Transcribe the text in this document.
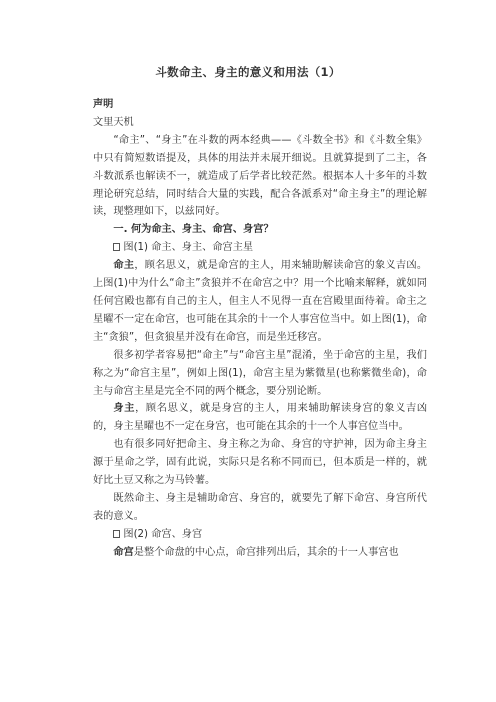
斗数命主、身主的意义和用法（1）

声明

文里天机

“命主”、“身主”在斗数的两本经典——《斗数全书》和《斗数全集》中只有简短数语提及，具体的用法并未展开细说。且就算提到了二主，各斗数派系也解读不一，就造成了后学者比较茫然。根据本人十多年的斗数理论研究总结，同时结合大量的实践，配合各派系对“命主身主”的理论解读，现整理如下，以兹同好。

一. 何为命主、身主、命宫、身宫？

图(1) 命主、身主、命宫主星

命主，顾名思义，就是命宫的主人，用来辅助解读命宫的象义吉凶。上图(1)中为什么“命主”贪狼并不在命宫之中？用一个比喻来解释，就如同任何宫殿也都有自己的主人，但主人不见得一直在宫殿里面待着。命主之星曜不一定在命宫，也可能在其余的十一个人事宫位当中。如上图(1)，命主“贪狼”，但贪狼星并没有在命宫，而是坐迁移宫。

很多初学者容易把“命主”与“命宫主星”混淆，坐于命宫的主星，我们称之为“命宫主星”，例如上图(1)，命宫主星为紫微星(也称紫微坐命)，命主与命宫主星是完全不同的两个概念，要分别论断。

身主，顾名思义，就是身宫的主人，用来辅助解读身宫的象义吉凶的，身主星曜也不一定在身宫，也可能在其余的十一个人事宫位当中。

也有很多同好把命主、身主称之为命、身宫的守护神，因为命主身主源于星命之学，固有此说，实际只是名称不同而已，但本质是一样的，就好比土豆又称之为马铃薯。

既然命主、身主是辅助命宫、身宫的，就要先了解下命宫、身宫所代表的意义。

图(2) 命宫、身宫

命宫是整个命盘的中心点，命宫排列出后，其余的十一人事宫也
